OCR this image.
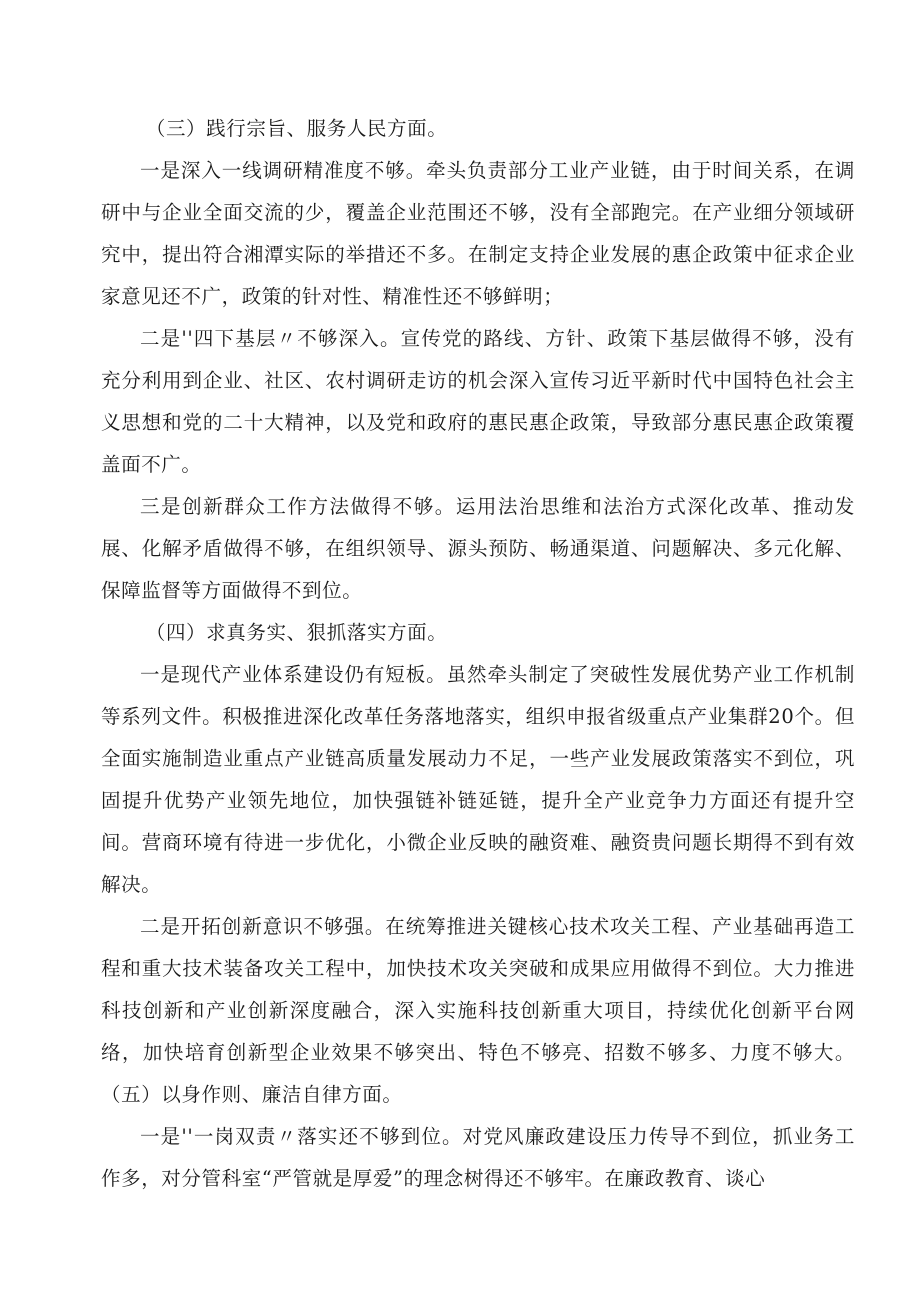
（三）践行宗旨、服务人民方面。

一是深入一线调研精准度不够。牵头负责部分工业产业链，由于时间关系，在调研中与企业全面交流的少，覆盖企业范围还不够，没有全部跑完。在产业细分领域研究中，提出符合湘潭实际的举措还不多。在制定支持企业发展的惠企政策中征求企业家意见还不广，政策的针对性、精准性还不够鲜明；

二是''四下基层〃不够深入。宣传党的路线、方针、政策下基层做得不够，没有充分利用到企业、社区、农村调研走访的机会深入宣传习近平新时代中国特色社会主义思想和党的二十大精神，以及党和政府的惠民惠企政策，导致部分惠民惠企政策覆盖面不广。

三是创新群众工作方法做得不够。运用法治思维和法治方式深化改革、推动发展、化解矛盾做得不够，在组织领导、源头预防、畅通渠道、问题解决、多元化解、保障监督等方面做得不到位。

（四）求真务实、狠抓落实方面。

一是现代产业体系建设仍有短板。虽然牵头制定了突破性发展优势产业工作机制等系列文件。积极推进深化改革任务落地落实，组织申报省级重点产业集群20个。但全面实施制造业重点产业链高质量发展动力不足，一些产业发展政策落实不到位，巩固提升优势产业领先地位，加快强链补链延链，提升全产业竞争力方面还有提升空间。营商环境有待进一步优化，小微企业反映的融资难、融资贵问题长期得不到有效解决。

二是开拓创新意识不够强。在统筹推进关键核心技术攻关工程、产业基础再造工程和重大技术装备攻关工程中，加快技术攻关突破和成果应用做得不到位。大力推进科技创新和产业创新深度融合，深入实施科技创新重大项目，持续优化创新平台网络，加快培育创新型企业效果不够突出、特色不够亮、招数不够多、力度不够大。（五）以身作则、廉洁自律方面。

一是''一岗双责〃落实还不够到位。对党风廉政建设压力传导不到位，抓业务工作多，对分管科室“严管就是厚爱”的理念树得还不够牢。在廉政教育、谈心
